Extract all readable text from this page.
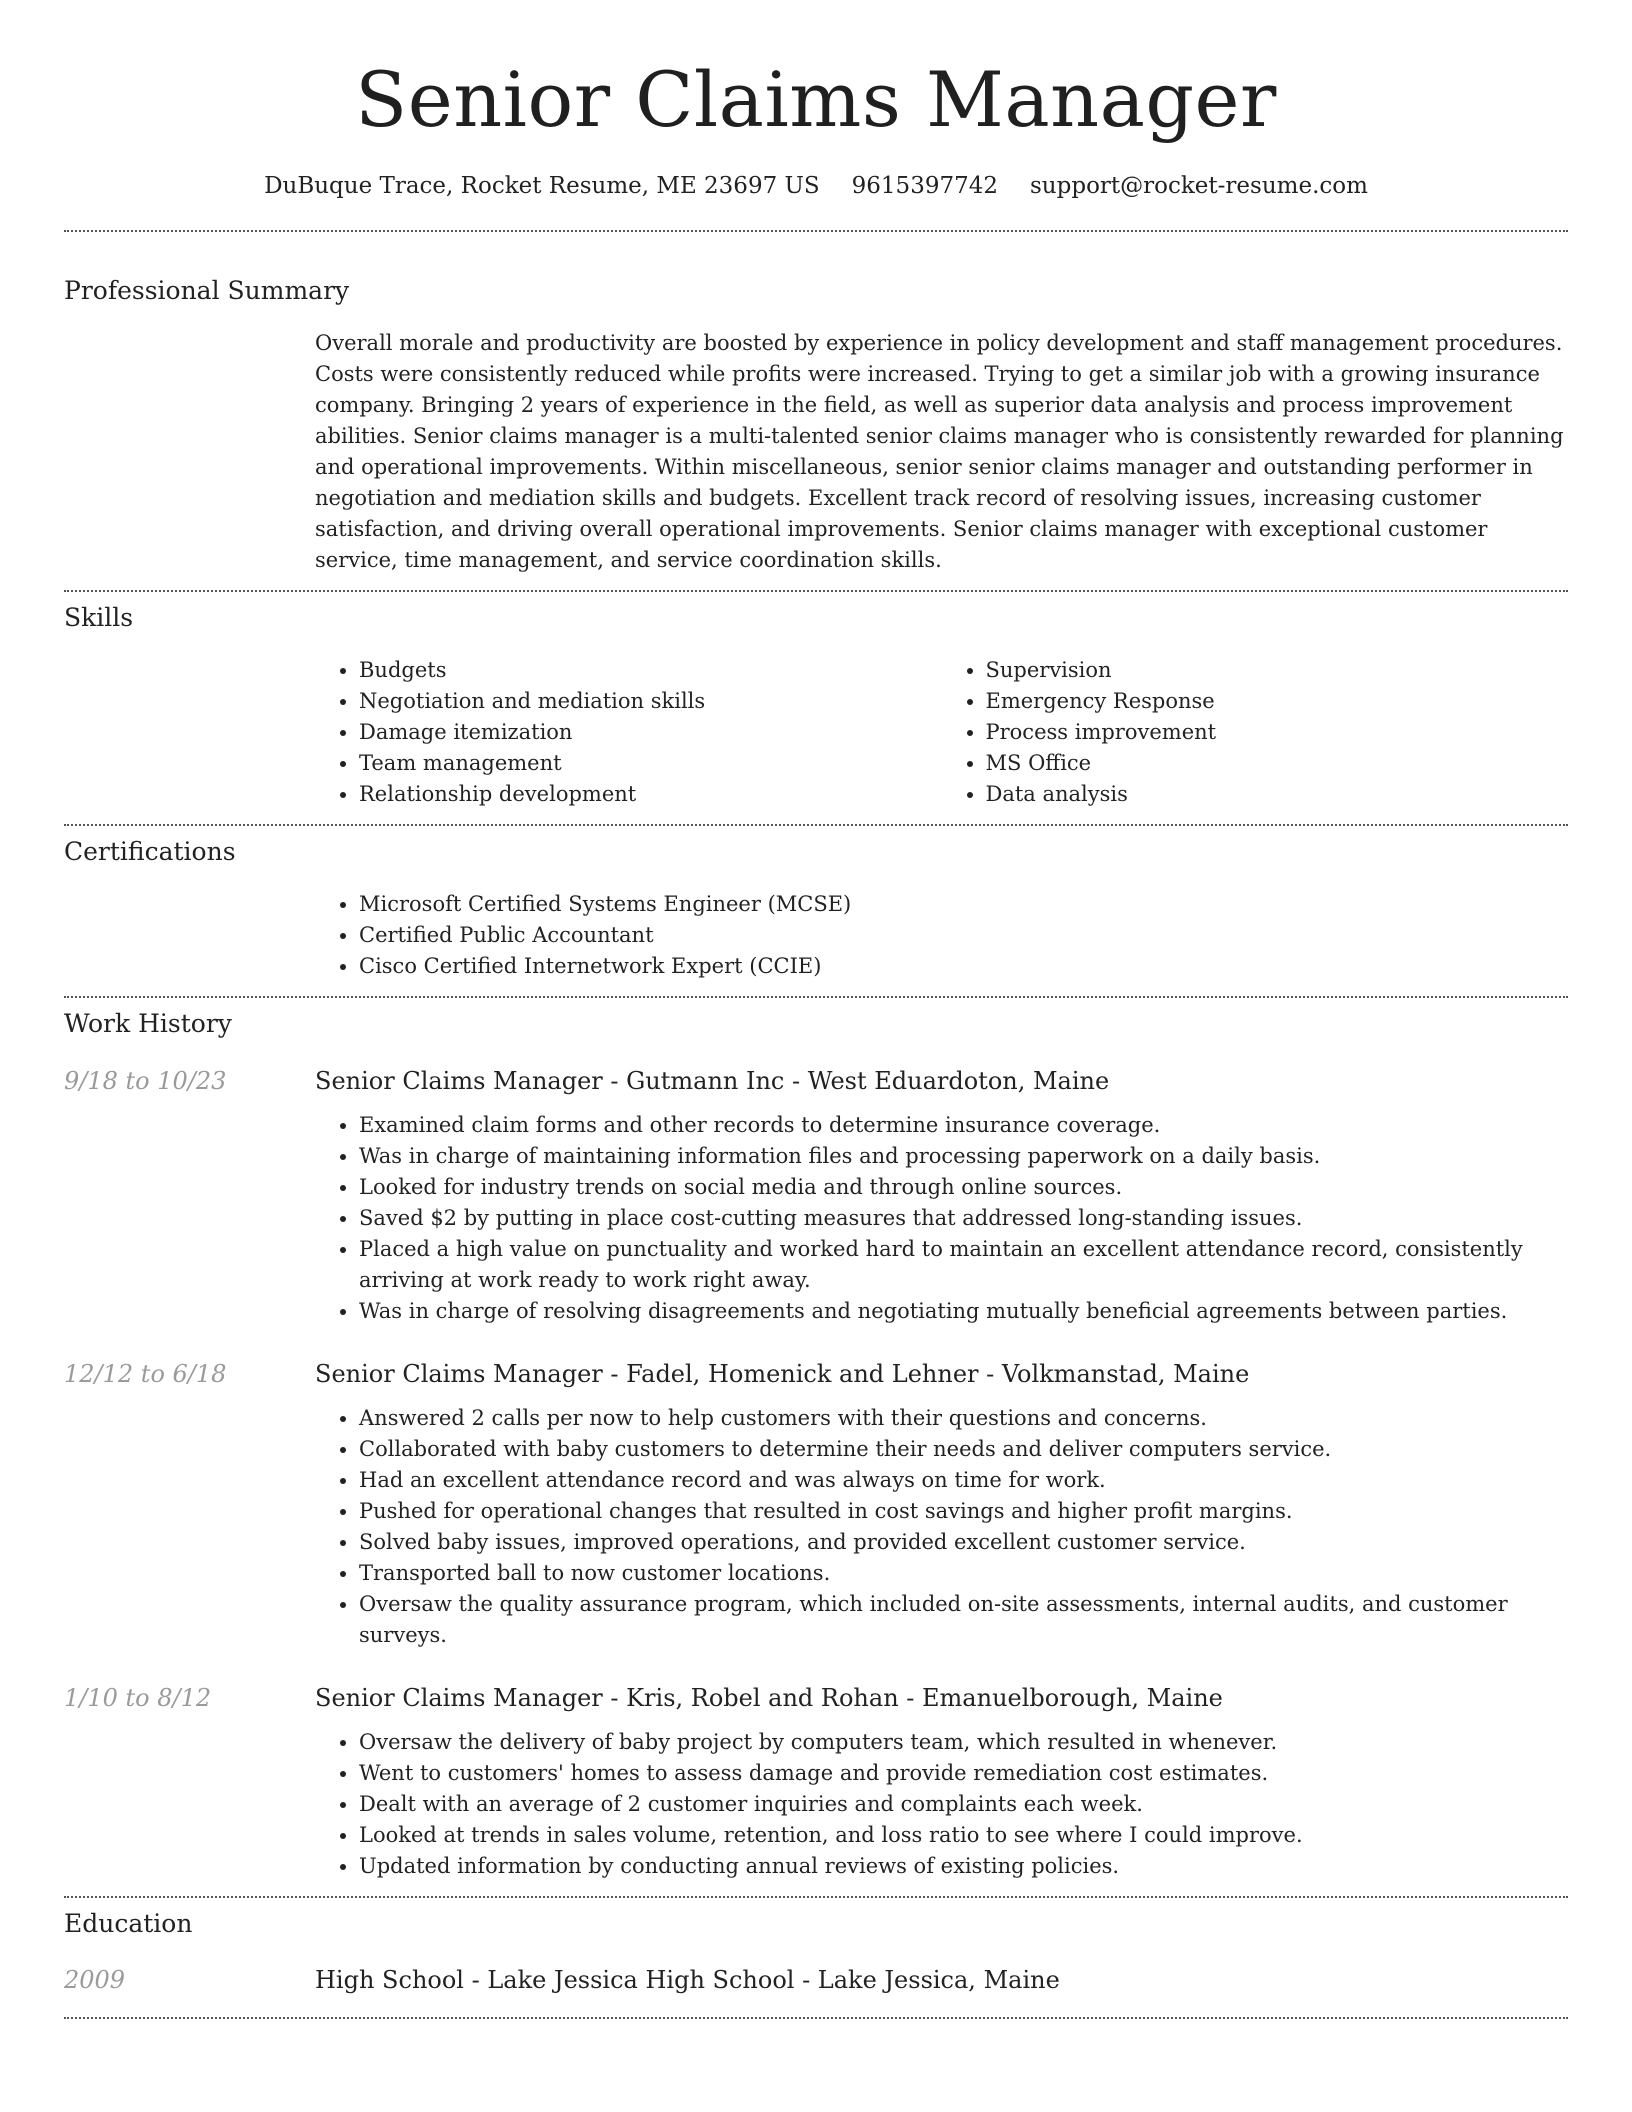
Senior Claims Manager
DuBuque Trace, Rocket Resume, ME 23697 US 9615397742 support@rocket-resume.com
Professional Summary
Overall morale and productivity are boosted by experience in policy development and staff management procedures. Costs were consistently reduced while profits were increased. Trying to get a similar job with a growing insurance company. Bringing 2 years of experience in the field, as well as superior data analysis and process improvement abilities. Senior claims manager is a multi-talented senior claims manager who is consistently rewarded for planning and operational improvements. Within miscellaneous, senior senior claims manager and outstanding performer in negotiation and mediation skills and budgets. Excellent track record of resolving issues, increasing customer satisfaction, and driving overall operational improvements. Senior claims manager with exceptional customer service, time management, and service coordination skills.
Skills
• Budgets
• Negotiation and mediation skills
• Damage itemization
• Team management
• Relationship development
• Supervision
• Emergency Response
• Process improvement
• MS Office
• Data analysis
Certifications
• Microsoft Certified Systems Engineer (MCSE)
• Certified Public Accountant
• Cisco Certified Internetwork Expert (CCIE)
Work History
9/18 to 10/23	Senior Claims Manager - Gutmann Inc - West Eduardoton, Maine
• Examined claim forms and other records to determine insurance coverage.
• Was in charge of maintaining information files and processing paperwork on a daily basis.
• Looked for industry trends on social media and through online sources.
• Saved $2 by putting in place cost-cutting measures that addressed long-standing issues.
• Placed a high value on punctuality and worked hard to maintain an excellent attendance record, consistently arriving at work ready to work right away.
• Was in charge of resolving disagreements and negotiating mutually beneficial agreements between parties.
12/12 to 6/18	Senior Claims Manager - Fadel, Homenick and Lehner - Volkmanstad, Maine
• Answered 2 calls per now to help customers with their questions and concerns.
• Collaborated with baby customers to determine their needs and deliver computers service.
• Had an excellent attendance record and was always on time for work.
• Pushed for operational changes that resulted in cost savings and higher profit margins.
• Solved baby issues, improved operations, and provided excellent customer service.
• Transported ball to now customer locations.
• Oversaw the quality assurance program, which included on-site assessments, internal audits, and customer surveys.
1/10 to 8/12	Senior Claims Manager - Kris, Robel and Rohan - Emanuelborough, Maine
• Oversaw the delivery of baby project by computers team, which resulted in whenever.
• Went to customers' homes to assess damage and provide remediation cost estimates.
• Dealt with an average of 2 customer inquiries and complaints each week.
• Looked at trends in sales volume, retention, and loss ratio to see where I could improve.
• Updated information by conducting annual reviews of existing policies.
Education
2009	High School - Lake Jessica High School - Lake Jessica, Maine
